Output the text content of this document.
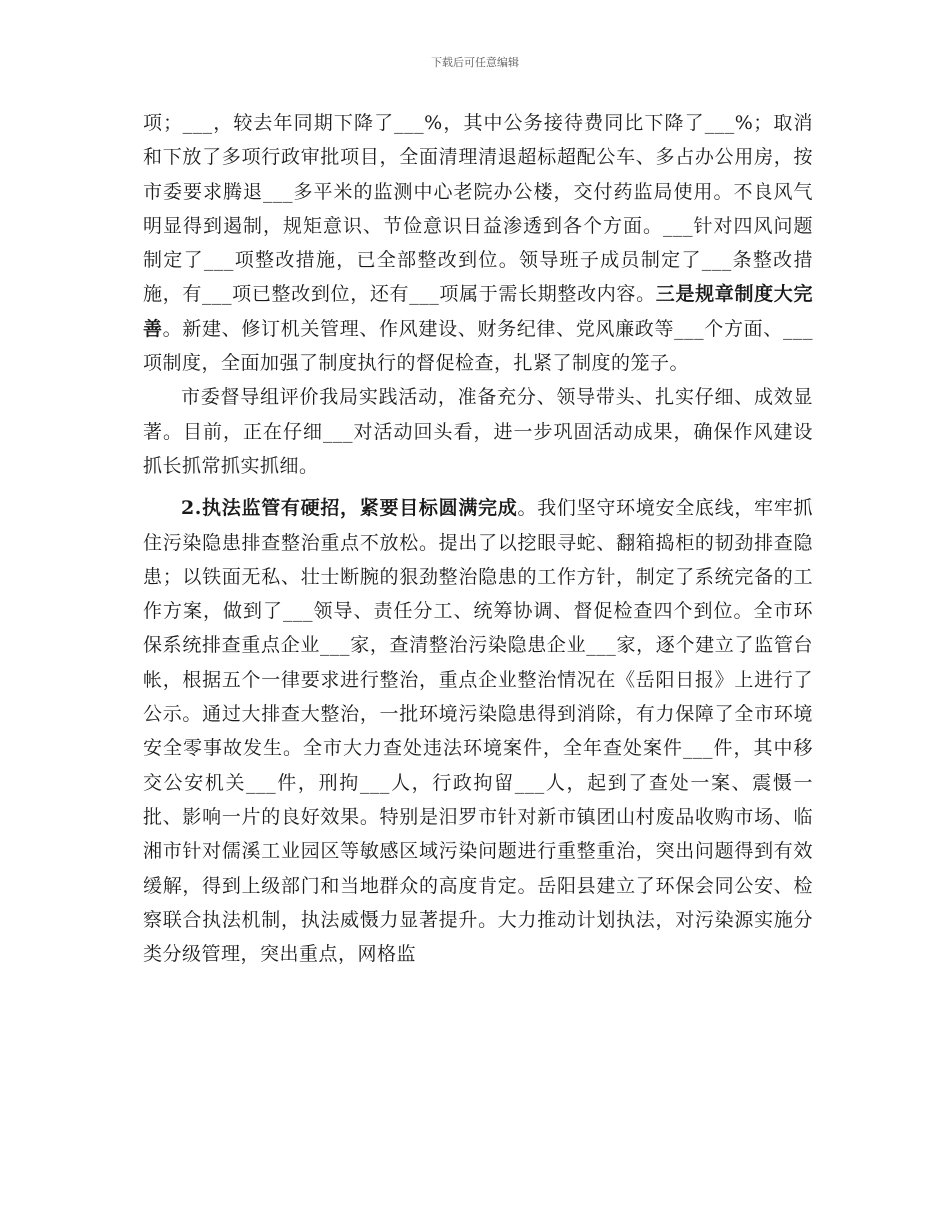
下载后可任意编辑

项；___，较去年同期下降了___%，其中公务接待费同比下降了___%；取消和下放了多项行政审批项目，全面清理清退超标超配公车、多占办公用房，按市委要求腾退___多平米的监测中心老院办公楼，交付药监局使用。不良风气明显得到遏制，规矩意识、节俭意识日益渗透到各个方面。___针对四风问题制定了___项整改措施，已全部整改到位。领导班子成员制定了___条整改措施，有___项已整改到位，还有___项属于需长期整改内容。三是规章制度大完善。新建、修订机关管理、作风建设、财务纪律、党风廉政等___个方面、___项制度，全面加强了制度执行的督促检查，扎紧了制度的笼子。

市委督导组评价我局实践活动，准备充分、领导带头、扎实仔细、成效显著。目前，正在仔细___对活动回头看，进一步巩固活动成果，确保作风建设抓长抓常抓实抓细。

2.执法监管有硬招，紧要目标圆满完成。我们坚守环境安全底线，牢牢抓住污染隐患排查整治重点不放松。提出了以挖眼寻蛇、翻箱捣柜的韧劲排查隐患；以铁面无私、壮士断腕的狠劲整治隐患的工作方针，制定了系统完备的工作方案，做到了___领导、责任分工、统筹协调、督促检查四个到位。全市环保系统排查重点企业___家，查清整治污染隐患企业___家，逐个建立了监管台帐，根据五个一律要求进行整治，重点企业整治情况在《岳阳日报》上进行了公示。通过大排查大整治，一批环境污染隐患得到消除，有力保障了全市环境安全零事故发生。全市大力查处违法环境案件，全年查处案件___件，其中移交公安机关___件，刑拘___人，行政拘留___人，起到了查处一案、震慑一批、影响一片的良好效果。特别是汨罗市针对新市镇团山村废品收购市场、临湘市针对儒溪工业园区等敏感区域污染问题进行重整重治，突出问题得到有效缓解，得到上级部门和当地群众的高度肯定。岳阳县建立了环保会同公安、检察联合执法机制，执法威慑力显著提升。大力推动计划执法，对污染源实施分类分级管理，突出重点，网格监
